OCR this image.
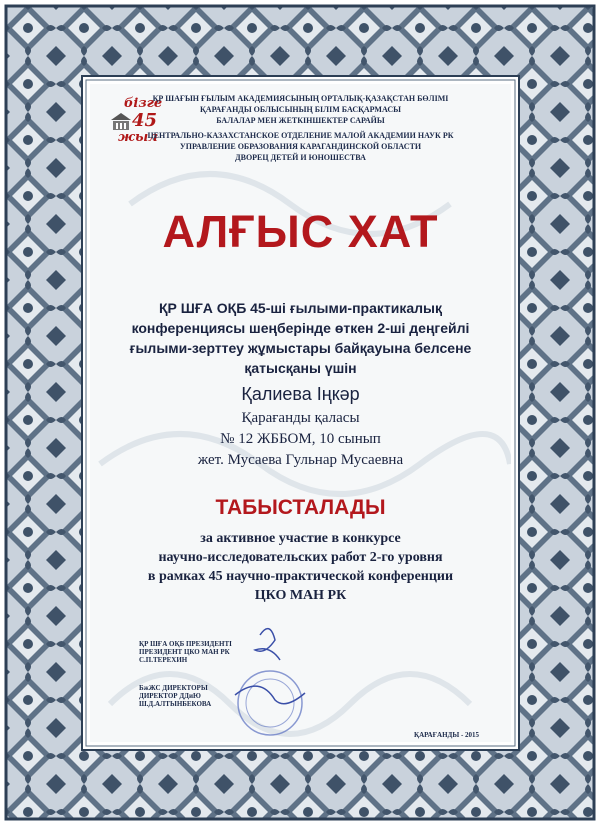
бізге
45
жыл
ҚР ШАҒЫН ҒЫЛЫМ АКАДЕМИЯСЫНЫҢ ОРТАЛЫҚ-ҚАЗАҚСТАН БӨЛІМІ
ҚАРАҒАНДЫ ОБЛЫСЫНЫҢ БІЛІМ БАСҚАРМАСЫ
БАЛАЛАР МЕН ЖЕТКІНШЕКТЕР САРАЙЫ
ЦЕНТРАЛЬНО-КАЗАХСТАНСКОЕ ОТДЕЛЕНИЕ МАЛОЙ АКАДЕМИИ НАУК РК
УПРАВЛЕНИЕ ОБРАЗОВАНИЯ КАРАГАНДИНСКОЙ ОБЛАСТИ
ДВОРЕЦ ДЕТЕЙ И ЮНОШЕСТВА
АЛҒЫС ХАТ
ҚР ШҒА ОҚБ 45-ші ғылыми-практикалық
конференциясы шеңберінде өткен 2-ші деңгейлі
ғылыми-зерттеу жұмыстары байқауына белсене
қатысқаны үшін
Қалиева Іңкәр
Қарағанды қаласы
№ 12 ЖББОМ, 10 сынып
жет. Мусаева Гульнар Мусаевна
ТАБЫСТАЛАДЫ
за активное участие в конкурсе
научно-исследовательских работ 2-го уровня
в рамках 45 научно-практической конференции
ЦКО МАН РК
ҚР ШҒА ОҚБ ПРЕЗИДЕНТІ
ПРЕЗИДЕНТ ЦКО МАН РК
С.П.ТЕРЕХИН
БжЖС ДИРЕКТОРЫ
ДИРЕКТОР ДДиЮ
Ш.Д.АЛТЫНБЕКОВА
ҚАРАҒАНДЫ - 2015
